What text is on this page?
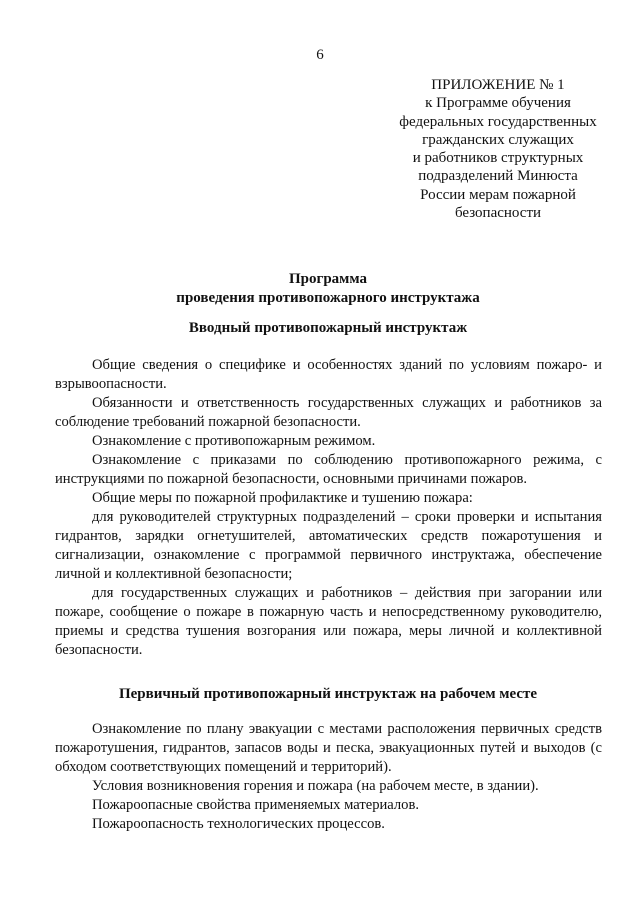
6
ПРИЛОЖЕНИЕ № 1
к Программе обучения
федеральных государственных
гражданских служащих
и работников структурных
подразделений Минюста
России мерам пожарной
безопасности
Программа
проведения противопожарного инструктажа
Вводный противопожарный инструктаж

Общие сведения о специфике и особенностях зданий по условиям пожаро- и взрывоопасности.

Обязанности и ответственность государственных служащих и работников за соблюдение требований пожарной безопасности.

Ознакомление с противопожарным режимом.

Ознакомление с приказами по соблюдению противопожарного режима, с инструкциями по пожарной безопасности, основными причинами пожаров.

Общие меры по пожарной профилактике и тушению пожара:

для руководителей структурных подразделений – сроки проверки и испытания гидрантов, зарядки огнетушителей, автоматических средств пожаротушения и сигнализации, ознакомление с программой первичного инструктажа, обеспечение личной и коллективной безопасности;

для государственных служащих и работников – действия при загорании или пожаре, сообщение о пожаре в пожарную часть и непосредственному руководителю, приемы и средства тушения возгорания или пожара, меры личной и коллективной безопасности.

Первичный противопожарный инструктаж на рабочем месте

Ознакомление по плану эвакуации с местами расположения первичных средств пожаротушения, гидрантов, запасов воды и песка, эвакуационных путей и выходов (с обходом соответствующих помещений и территорий).

Условия возникновения горения и пожара (на рабочем месте, в здании).

Пожароопасные свойства применяемых материалов.

Пожароопасность технологических процессов.
